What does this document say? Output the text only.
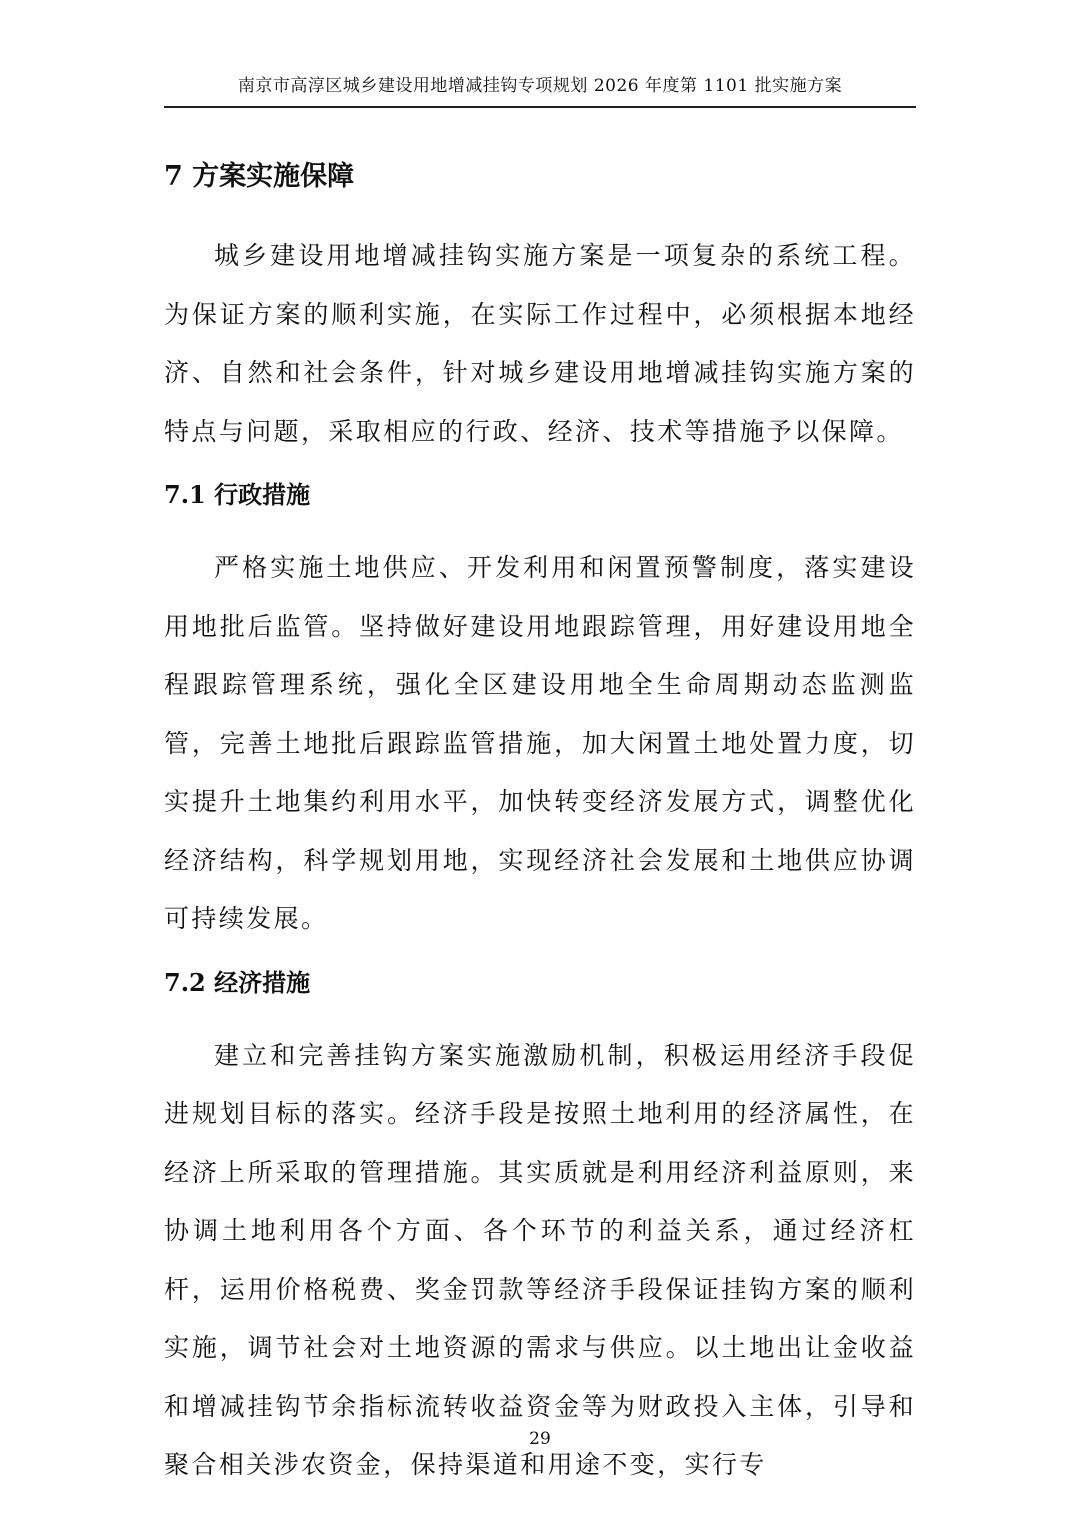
南京市高淳区城乡建设用地增减挂钩专项规划 2026 年度第 1101 批实施方案
7 方案实施保障

城乡建设用地增减挂钩实施方案是一项复杂的系统工程。为保证方案的顺利实施，在实际工作过程中，必须根据本地经济、自然和社会条件，针对城乡建设用地增减挂钩实施方案的特点与问题，采取相应的行政、经济、技术等措施予以保障。

7.1 行政措施

严格实施土地供应、开发利用和闲置预警制度，落实建设用地批后监管。坚持做好建设用地跟踪管理，用好建设用地全程跟踪管理系统，强化全区建设用地全生命周期动态监测监管，完善土地批后跟踪监管措施，加大闲置土地处置力度，切实提升土地集约利用水平，加快转变经济发展方式，调整优化经济结构，科学规划用地，实现经济社会发展和土地供应协调可持续发展。

7.2 经济措施

建立和完善挂钩方案实施激励机制，积极运用经济手段促进规划目标的落实。经济手段是按照土地利用的经济属性，在经济上所采取的管理措施。其实质就是利用经济利益原则，来协调土地利用各个方面、各个环节的利益关系，通过经济杠杆，运用价格税费、奖金罚款等经济手段保证挂钩方案的顺利实施，调节社会对土地资源的需求与供应。以土地出让金收益和增减挂钩节余指标流转收益资金等为财政投入主体，引导和聚合相关涉农资金，保持渠道和用途不变，实行专

29
